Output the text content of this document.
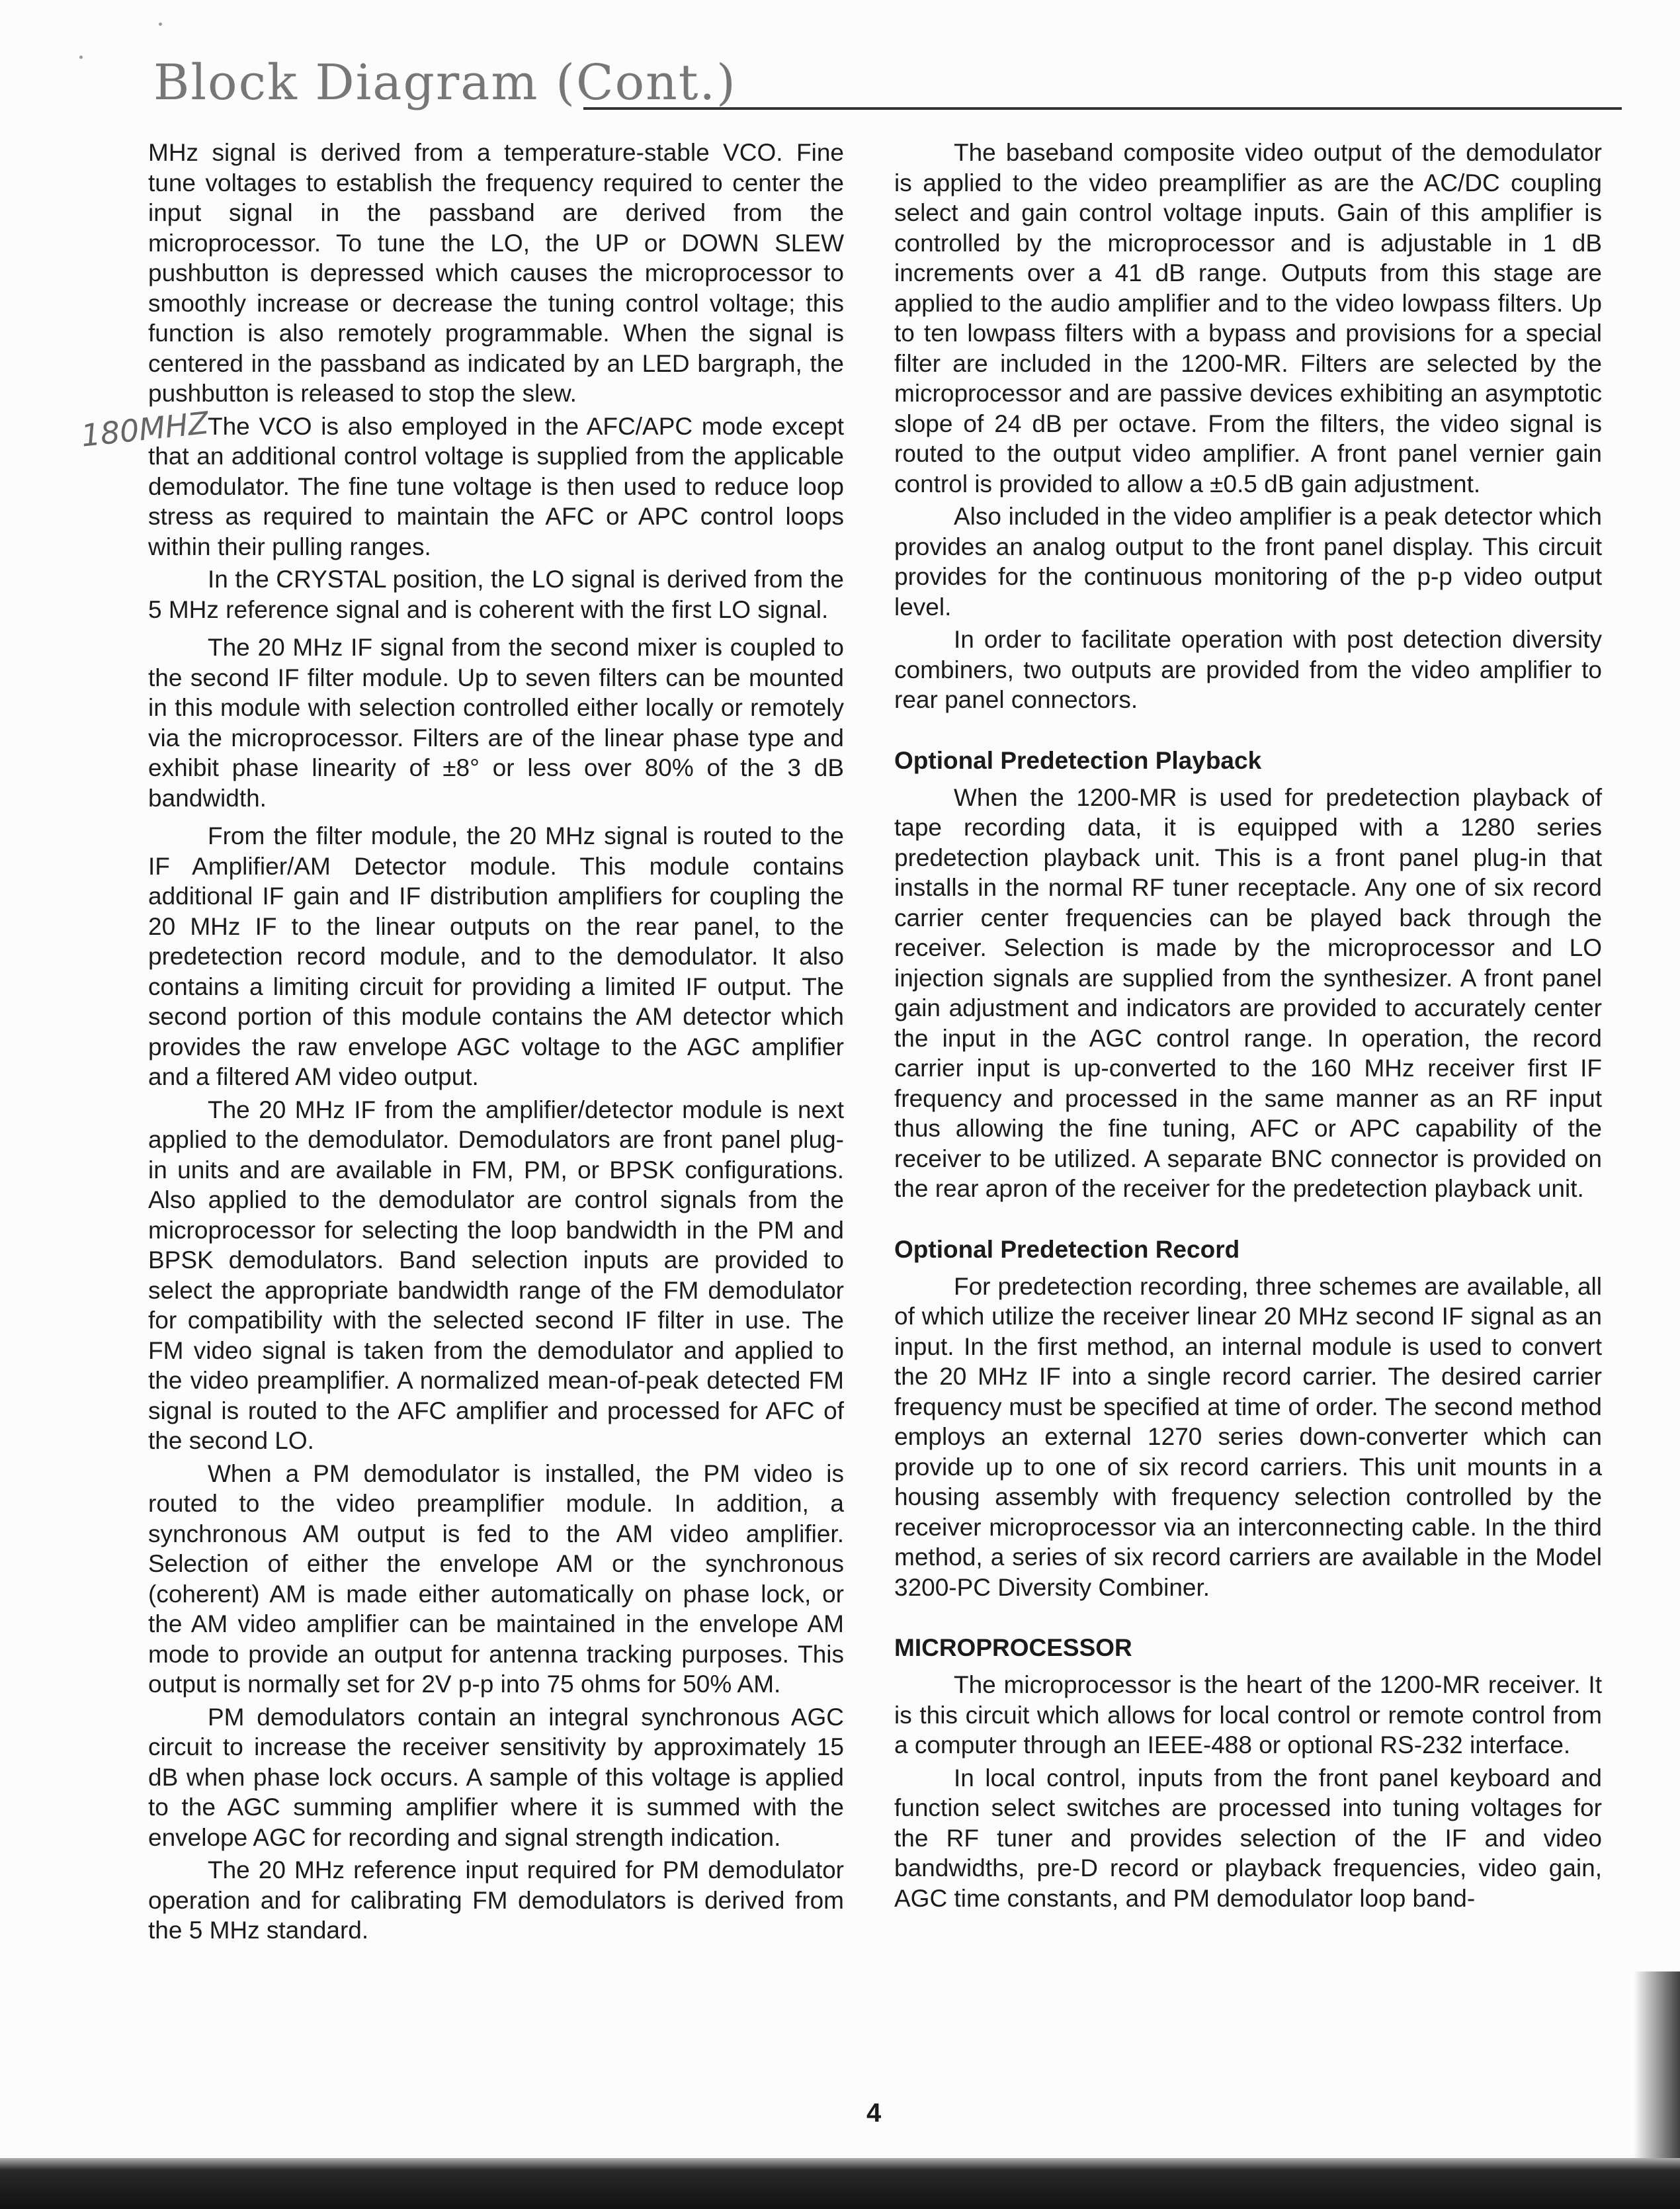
Block Diagram (Cont.)
180MHZ

MHz signal is derived from a temperature-stable VCO. Fine tune voltages to establish the frequency required to center the input signal in the passband are derived from the microprocessor. To tune the LO, the UP or DOWN SLEW pushbutton is depressed which causes the microprocessor to smoothly increase or decrease the tuning control voltage; this function is also remotely programmable. When the signal is centered in the passband as indicated by an LED bargraph, the pushbutton is released to stop the slew.

The VCO is also employed in the AFC/APC mode except that an additional control voltage is supplied from the applicable demodulator. The fine tune voltage is then used to reduce loop stress as required to maintain the AFC or APC control loops within their pulling ranges.

In the CRYSTAL position, the LO signal is derived from the 5 MHz reference signal and is coherent with the first LO signal.

The 20 MHz IF signal from the second mixer is coupled to the second IF filter module. Up to seven filters can be mounted in this module with selection controlled either locally or remotely via the microprocessor. Filters are of the linear phase type and exhibit phase linearity of ±8° or less over 80% of the 3 dB bandwidth.

From the filter module, the 20 MHz signal is routed to the IF Amplifier/AM Detector module. This module contains additional IF gain and IF distribution amplifiers for coupling the 20 MHz IF to the linear outputs on the rear panel, to the predetection record module, and to the demodulator. It also contains a limiting circuit for providing a limited IF output. The second portion of this module contains the AM detector which provides the raw envelope AGC voltage to the AGC amplifier and a filtered AM video output.

The 20 MHz IF from the amplifier/detector module is next applied to the demodulator. Demodulators are front panel plug-in units and are available in FM, PM, or BPSK configurations. Also applied to the demodulator are control signals from the microprocessor for selecting the loop bandwidth in the PM and BPSK demodulators. Band selection inputs are provided to select the appropriate bandwidth range of the FM demodulator for compatibility with the selected second IF filter in use. The FM video signal is taken from the demodulator and applied to the video preamplifier. A normalized mean-of-peak detected FM signal is routed to the AFC amplifier and processed for AFC of the second LO.

When a PM demodulator is installed, the PM video is routed to the video preamplifier module. In addition, a synchronous AM output is fed to the AM video amplifier. Selection of either the envelope AM or the synchronous (coherent) AM is made either automatically on phase lock, or the AM video amplifier can be maintained in the envelope AM mode to provide an output for antenna tracking purposes. This output is normally set for 2V p-p into 75 ohms for 50% AM.

PM demodulators contain an integral synchronous AGC circuit to increase the receiver sensitivity by approximately 15 dB when phase lock occurs. A sample of this voltage is applied to the AGC summing amplifier where it is summed with the envelope AGC for recording and signal strength indication.

The 20 MHz reference input required for PM demodulator operation and for calibrating FM demodulators is derived from the 5 MHz standard.

The baseband composite video output of the demodulator is applied to the video preamplifier as are the AC/DC coupling select and gain control voltage inputs. Gain of this amplifier is controlled by the microprocessor and is adjustable in 1 dB increments over a 41 dB range. Outputs from this stage are applied to the audio amplifier and to the video lowpass filters. Up to ten lowpass filters with a bypass and provisions for a special filter are included in the 1200-MR. Filters are selected by the microprocessor and are passive devices exhibiting an asymptotic slope of 24 dB per octave. From the filters, the video signal is routed to the output video amplifier. A front panel vernier gain control is provided to allow a ±0.5 dB gain adjustment.

Also included in the video amplifier is a peak detector which provides an analog output to the front panel display. This circuit provides for the continuous monitoring of the p-p video output level.

In order to facilitate operation with post detection diversity combiners, two outputs are provided from the video amplifier to rear panel connectors.

Optional Predetection Playback

When the 1200-MR is used for predetection playback of tape recording data, it is equipped with a 1280 series predetection playback unit. This is a front panel plug-in that installs in the normal RF tuner receptacle. Any one of six record carrier center frequencies can be played back through the receiver. Selection is made by the microprocessor and LO injection signals are supplied from the synthesizer. A front panel gain adjustment and indicators are provided to accurately center the input in the AGC control range. In operation, the record carrier input is up-converted to the 160 MHz receiver first IF frequency and processed in the same manner as an RF input thus allowing the fine tuning, AFC or APC capability of the receiver to be utilized. A separate BNC connector is provided on the rear apron of the receiver for the predetection playback unit.

Optional Predetection Record

For predetection recording, three schemes are available, all of which utilize the receiver linear 20 MHz second IF signal as an input. In the first method, an internal module is used to convert the 20 MHz IF into a single record carrier. The desired carrier frequency must be specified at time of order. The second method employs an external 1270 series down-converter which can provide up to one of six record carriers. This unit mounts in a housing assembly with frequency selection controlled by the receiver microprocessor via an interconnecting cable. In the third method, a series of six record carriers are available in the Model 3200-PC Diversity Combiner.

MICROPROCESSOR

The microprocessor is the heart of the 1200-MR receiver. It is this circuit which allows for local control or remote control from a computer through an IEEE-488 or optional RS-232 interface.

In local control, inputs from the front panel keyboard and function select switches are processed into tuning voltages for the RF tuner and provides selection of the IF and video bandwidths, pre-D record or playback frequencies, video gain, AGC time constants, and PM demodulator loop band-

4
